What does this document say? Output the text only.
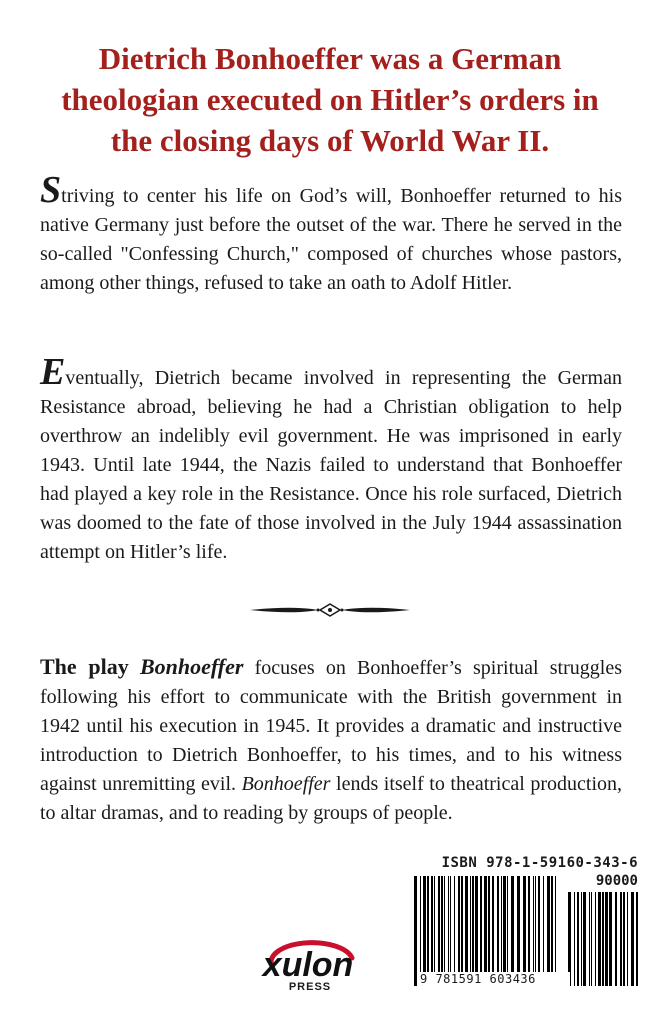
Dietrich Bonhoeffer was a German theologian executed on Hitler’s orders in the closing days of World War II.

Striving to center his life on God’s will, Bonhoeffer returned to his native Germany just before the outset of the war. There he served in the so-called "Confessing Church," composed of churches whose pastors, among other things, refused to take an oath to Adolf Hitler.

Eventually, Dietrich became involved in representing the German Resistance abroad, believing he had a Christian obligation to help overthrow an indelibly evil government. He was imprisoned in early 1943. Until late 1944, the Nazis failed to understand that Bonhoeffer had played a key role in the Resistance. Once his role surfaced, Dietrich was doomed to the fate of those involved in the July 1944 assassination attempt on Hitler’s life.

The play Bonhoeffer focuses on Bonhoeffer’s spiritual struggles following his effort to communicate with the British government in 1942 until his execution in 1945. It provides a dramatic and instructive introduction to Dietrich Bonhoeffer, to his times, and to his witness against unremitting evil. Bonhoeffer lends itself to theatrical production, to altar dramas, and to reading by groups of people.

ISBN 978-1-59160-343-6
90000
9 781591 603436
xulon
PRESS
